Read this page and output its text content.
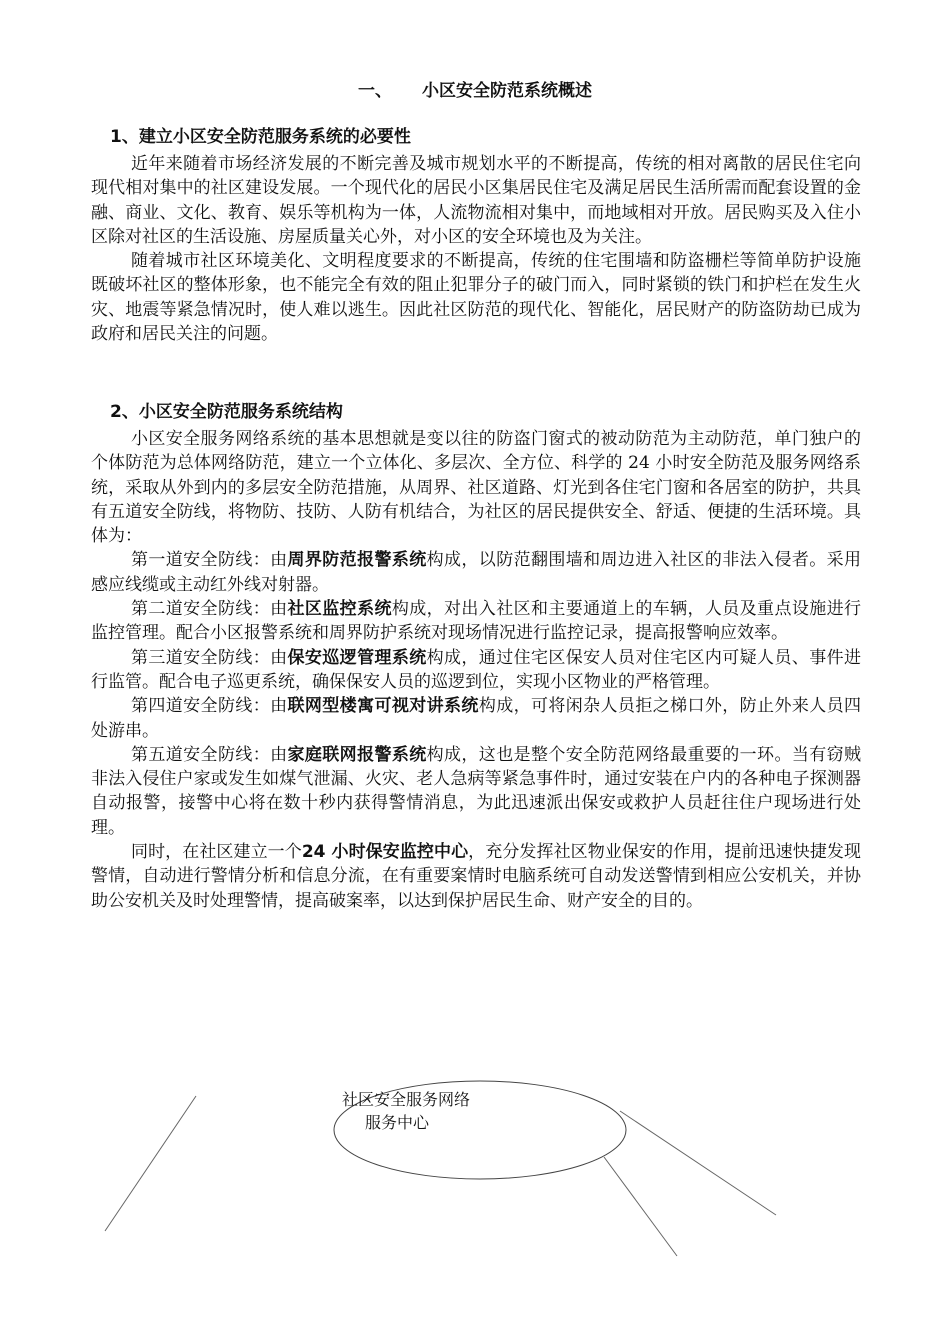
一、 小区安全防范系统概述
1、建立小区安全防范服务系统的必要性

近年来随着市场经济发展的不断完善及城市规划水平的不断提高，传统的相对离散的居民住宅向现代相对集中的社区建设发展。一个现代化的居民小区集居民住宅及满足居民生活所需而配套设置的金融、商业、文化、教育、娱乐等机构为一体，人流物流相对集中，而地域相对开放。居民购买及入住小区除对社区的生活设施、房屋质量关心外，对小区的安全环境也及为关注。

随着城市社区环境美化、文明程度要求的不断提高，传统的住宅围墙和防盗栅栏等简单防护设施既破坏社区的整体形象，也不能完全有效的阻止犯罪分子的破门而入，同时紧锁的铁门和护栏在发生火灾、地震等紧急情况时，使人难以逃生。因此社区防范的现代化、智能化，居民财产的防盗防劫已成为政府和居民关注的问题。

2、小区安全防范服务系统结构

小区安全服务网络系统的基本思想就是变以往的防盗门窗式的被动防范为主动防范，单门独户的个体防范为总体网络防范，建立一个立体化、多层次、全方位、科学的 24 小时安全防范及服务网络系统，采取从外到内的多层安全防范措施，从周界、社区道路、灯光到各住宅门窗和各居室的防护，共具有五道安全防线，将物防、技防、人防有机结合，为社区的居民提供安全、舒适、便捷的生活环境。具体为：

第一道安全防线：由周界防范报警系统构成，以防范翻围墙和周边进入社区的非法入侵者。采用感应线缆或主动红外线对射器。

第二道安全防线：由社区监控系统构成，对出入社区和主要通道上的车辆，人员及重点设施进行监控管理。配合小区报警系统和周界防护系统对现场情况进行监控记录，提高报警响应效率。

第三道安全防线：由保安巡逻管理系统构成，通过住宅区保安人员对住宅区内可疑人员、事件进行监管。配合电子巡更系统，确保保安人员的巡逻到位，实现小区物业的严格管理。

第四道安全防线：由联网型楼寓可视对讲系统构成，可将闲杂人员拒之梯口外，防止外来人员四处游串。

第五道安全防线：由家庭联网报警系统构成，这也是整个安全防范网络最重要的一环。当有窃贼非法入侵住户家或发生如煤气泄漏、火灾、老人急病等紧急事件时，通过安装在户内的各种电子探测器自动报警，接警中心将在数十秒内获得警情消息，为此迅速派出保安或救护人员赶往住户现场进行处理。

同时，在社区建立一个24 小时保安监控中心，充分发挥社区物业保安的作用，提前迅速快捷发现警情，自动进行警情分析和信息分流，在有重要案情时电脑系统可自动发送警情到相应公安机关，并协助公安机关及时处理警情，提高破案率，以达到保护居民生命、财产安全的目的。

社区安全服务网络
服务中心
